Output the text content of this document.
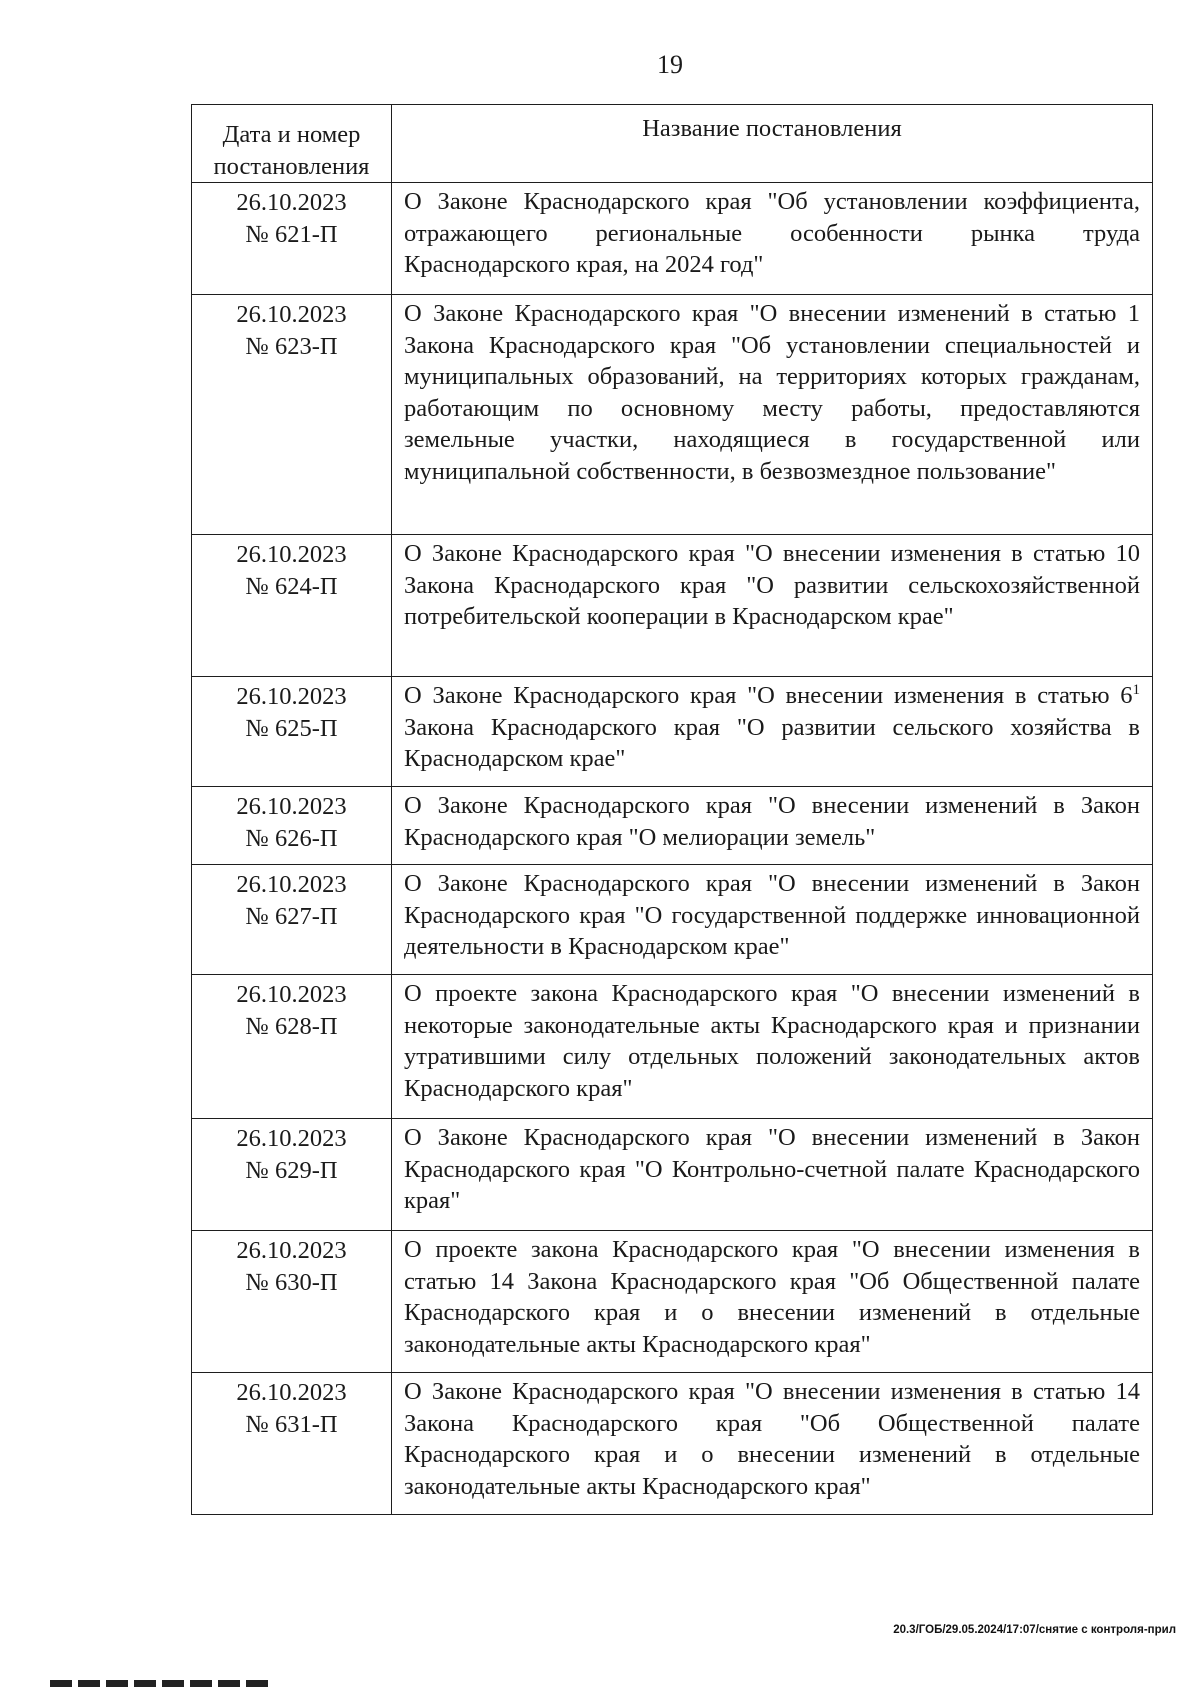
19
Дата и номер постановления	Название постановления

26.10.2023
№ 621-П	О Законе Краснодарского края "Об установлении коэффициента, отражающего региональные особенности рынка труда Краснодарского края, на 2024 год"

26.10.2023
№ 623-П	О Законе Краснодарского края "О внесении изменений в статью 1 Закона Краснодарского края "Об установлении специальностей и муниципальных образований, на территориях которых гражданам, работающим по основному месту работы, предоставляются земельные участки, находящиеся в государственной или муниципальной собственности, в безвозмездное пользование"

26.10.2023
№ 624-П	О Законе Краснодарского края "О внесении изменения в статью 10 Закона Краснодарского края "О развитии сельскохозяйственной потребительской кооперации в Краснодарском крае"

26.10.2023
№ 625-П	О Законе Краснодарского края "О внесении изменения в статью $6^1$ Закона Краснодарского края "О развитии сельского хозяйства в Краснодарском крае"

26.10.2023
№ 626-П	О Законе Краснодарского края "О внесении изменений в Закон Краснодарского края "О мелиорации земель"

26.10.2023
№ 627-П	О Законе Краснодарского края "О внесении изменений в Закон Краснодарского края "О государственной поддержке инновационной деятельности в Краснодарском крае"

26.10.2023
№ 628-П	О проекте закона Краснодарского края "О внесении изменений в некоторые законодательные акты Краснодарского края и признании утратившими силу отдельных положений законодательных актов Краснодарского края"

26.10.2023
№ 629-П	О Законе Краснодарского края "О внесении изменений в Закон Краснодарского края "О Контрольно-счетной палате Краснодарского края"

26.10.2023
№ 630-П	О проекте закона Краснодарского края "О внесении изменения в статью 14 Закона Краснодарского края "Об Общественной палате Краснодарского края и о внесении изменений в отдельные законодательные акты Краснодарского края"

26.10.2023
№ 631-П	О Законе Краснодарского края "О внесении изменения в статью 14 Закона Краснодарского края "Об Общественной палате Краснодарского края и о внесении изменений в отдельные законодательные акты Краснодарского края"
20.3/ГОБ/29.05.2024/17:07/снятие с контроля-прил
